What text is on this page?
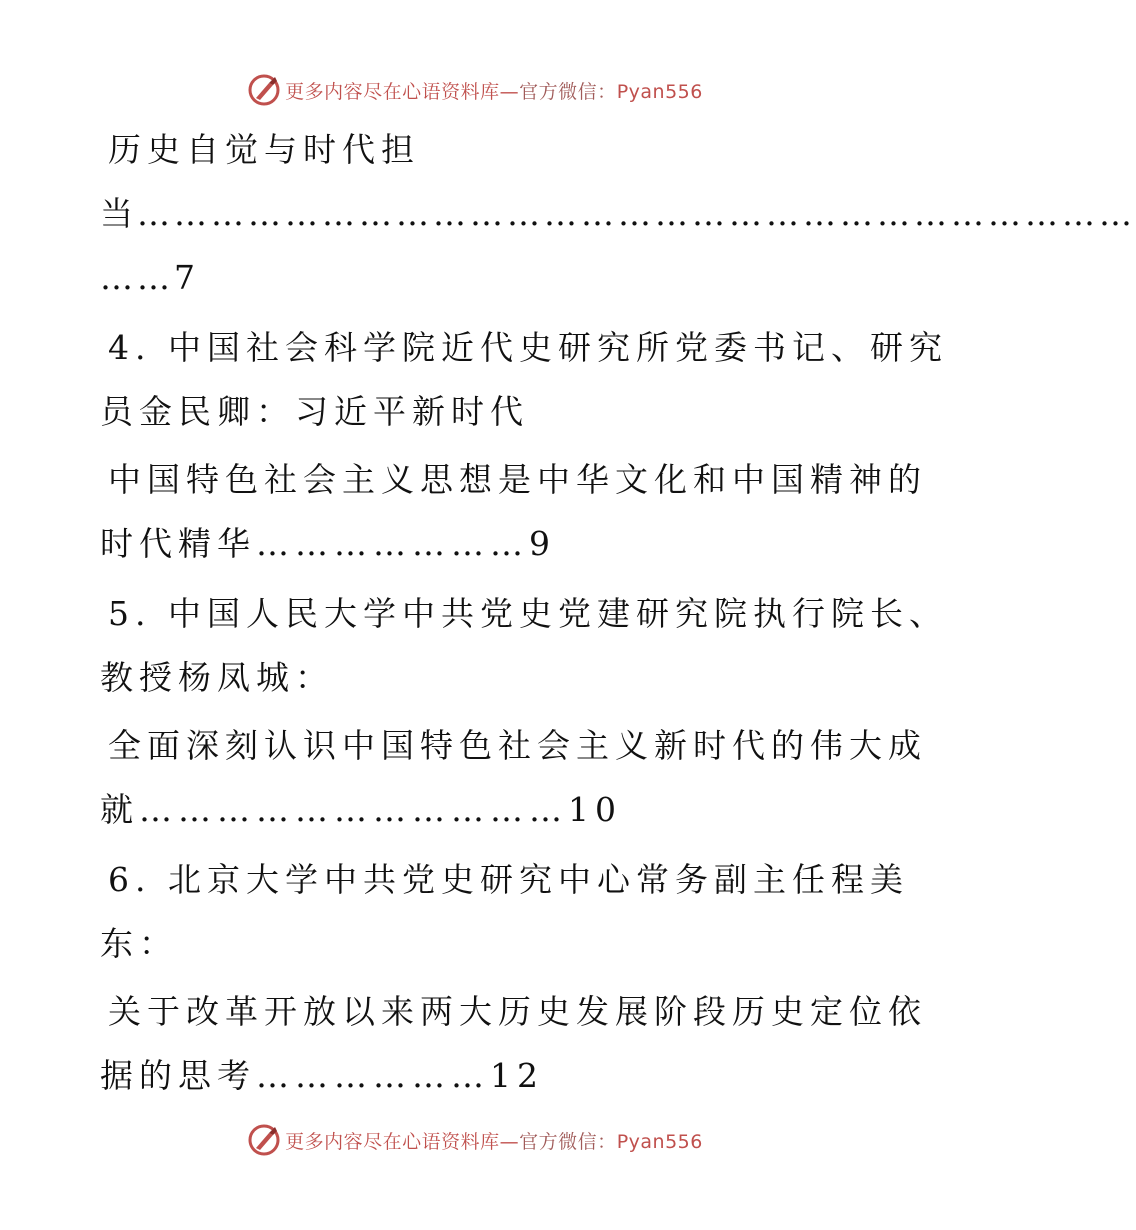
更多内容尽在心语资料库—官方微信：Pyan556
历史自觉与时代担
当………………………………………………………………………
……7
4. 中国社会科学院近代史研究所党委书记、研究
员金民卿：习近平新时代
中国特色社会主义思想是中华文化和中国精神的
时代精华…………………9
5. 中国人民大学中共党史党建研究院执行院长、
教授杨凤城：
全面深刻认识中国特色社会主义新时代的伟大成
就……………………………10
6. 北京大学中共党史研究中心常务副主任程美
东：
关于改革开放以来两大历史发展阶段历史定位依
据的思考………………12
更多内容尽在心语资料库—官方微信：Pyan556
